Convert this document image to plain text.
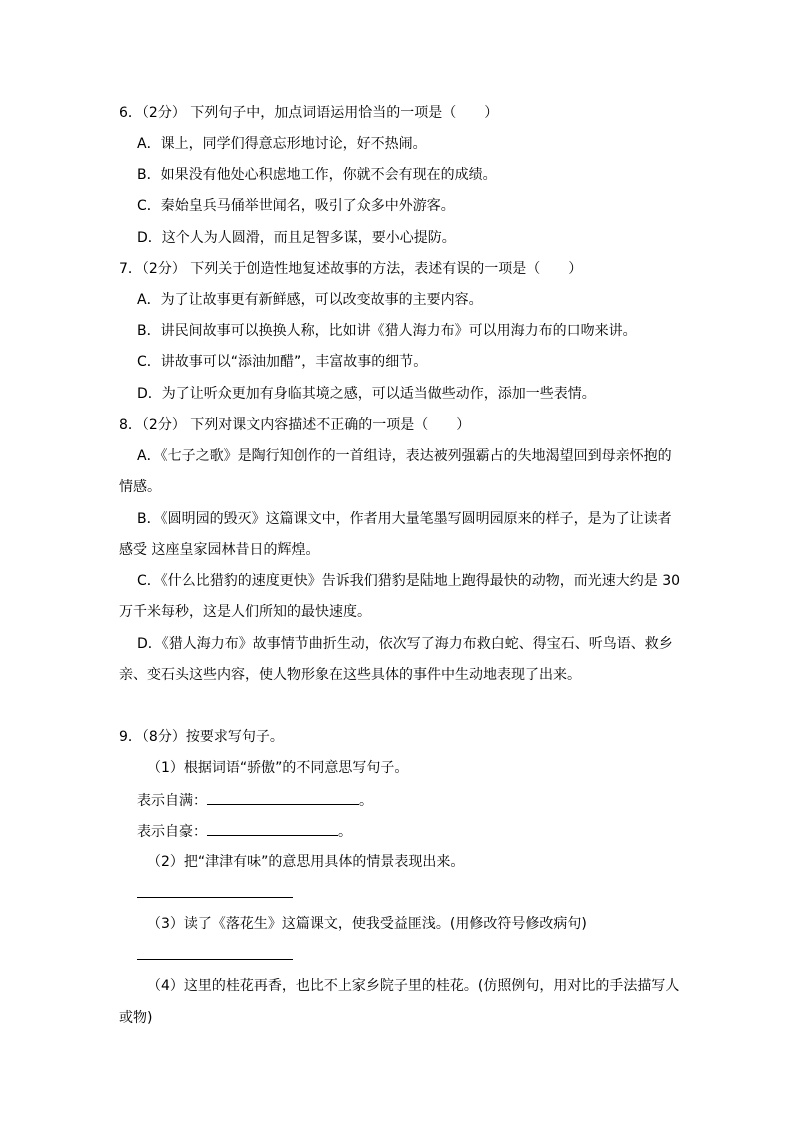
6．（2分） 下列句子中，加点词语运用恰当的一项是（　　）
A．课上，同学们得意忘形地讨论，好不热闹。
B．如果没有他处心积虑地工作，你就不会有现在的成绩。
C．秦始皇兵马俑举世闻名，吸引了众多中外游客。
D．这个人为人圆滑，而且足智多谋，要小心提防。
7．（2分） 下列关于创造性地复述故事的方法，表述有误的一项是（　　）
A．为了让故事更有新鲜感，可以改变故事的主要内容。
B．讲民间故事可以换换人称，比如讲《猎人海力布》可以用海力布的口吻来讲。
C．讲故事可以“添油加醋”，丰富故事的细节。
D．为了让听众更加有身临其境之感，可以适当做些动作，添加一些表情。
8．（2分） 下列对课文内容描述不正确的一项是（　　）
A．《七子之歌》是陶行知创作的一首组诗，表达被列强霸占的失地渴望回到母亲怀抱的
情感。
B．《圆明园的毁灭》这篇课文中，作者用大量笔墨写圆明园原来的样子，是为了让读者
感受 这座皇家园林昔日的辉煌。
C．《什么比猎豹的速度更快》告诉我们猎豹是陆地上跑得最快的动物，而光速大约是 30
万千米每秒，这是人们所知的最快速度。
D．《猎人海力布》故事情节曲折生动，依次写了海力布救白蛇、得宝石、听鸟语、救乡
亲、变石头这些内容，使人物形象在这些具体的事件中生动地表现了出来。
9．（8分）按要求写句子。
（1）根据词语“骄傲”的不同意思写句子。
表示自满：	。
表示自豪：	。
（2）把“津津有味”的意思用具体的情景表现出来。
（3）读了《落花生》这篇课文，使我受益匪浅。(用修改符号修改病句)
（4）这里的桂花再香，也比不上家乡院子里的桂花。(仿照例句，用对比的手法描写人
或物)
